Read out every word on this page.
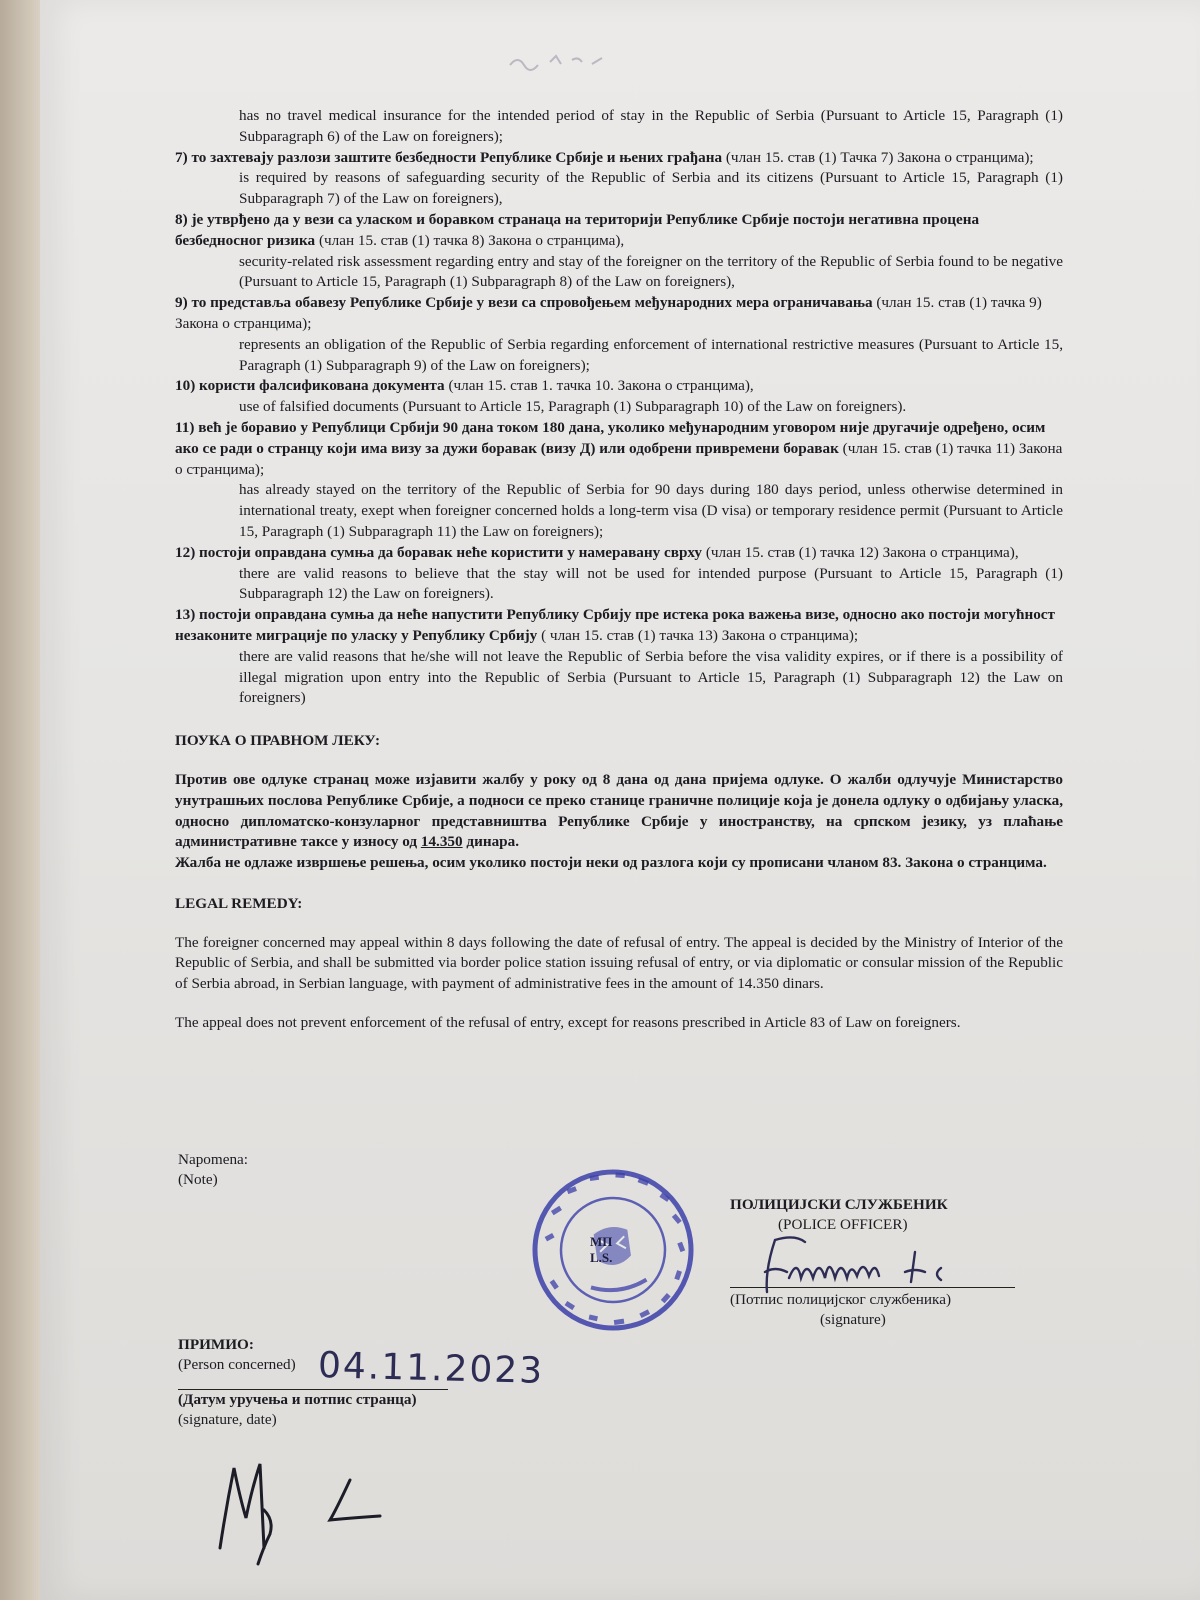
has no travel medical insurance for the intended period of stay in the Republic of Serbia (Pursuant to Article 15, Paragraph (1) Subparagraph 6) of the Law on foreigners);

7) то захтевају разлози заштите безбедности Републике Србије и њених грађана (члан 15. став (1) Тачка 7) Закона о странцима);

is required by reasons of safeguarding security of the Republic of Serbia and its citizens (Pursuant to Article 15, Paragraph (1) Subparagraph 7) of the Law on foreigners),

8) је утврђено да у вези са уласком и боравком странаца на територији Републике Србије постоји негативна процена безбедносног ризика (члан 15. став (1) тачка 8) Закона о странцима),

security-related risk assessment regarding entry and stay of the foreigner on the territory of the Republic of Serbia found to be negative (Pursuant to Article 15, Paragraph (1) Subparagraph 8) of the Law on foreigners),

9) то представља обавезу Републике Србије у вези са спровођењем међународних мера ограничавања (члан 15. став (1) тачка 9) Закона о странцима);

represents an obligation of the Republic of Serbia regarding enforcement of international restrictive measures (Pursuant to Article 15, Paragraph (1) Subparagraph 9) of the Law on foreigners);

10) користи фалсификована документа (члан 15. став 1. тачка 10. Закона о странцима),

use of falsified documents (Pursuant to Article 15, Paragraph (1) Subparagraph 10) of the Law on foreigners).

11) већ је боравио у Републици Србији 90 дана током 180 дана, уколико међународним уговором није другачије одређено, осим ако се ради о странцу који има визу за дужи боравак (визу Д) или одобрени привремени боравак (члан 15. став (1) тачка 11) Закона о странцима);

has already stayed on the territory of the Republic of Serbia for 90 days during 180 days period, unless otherwise determined in international treaty, exept when foreigner concerned holds a long-term visa (D visa) or temporary residence permit (Pursuant to Article 15, Paragraph (1) Subparagraph 11) the Law on foreigners);

12) постоји оправдана сумња да боравак неће користити у намеравану сврху (члан 15. став (1) тачка 12) Закона о странцима),

there are valid reasons to believe that the stay will not be used for intended purpose (Pursuant to Article 15, Paragraph (1) Subparagraph 12) the Law on foreigners).

13) постоји оправдана сумња да неће напустити Републику Србију пре истека рока важења визе, односно ако постоји могућност незаконите миграције по уласку у Републику Србију ( члан 15. став (1) тачка 13) Закона о странцима);

there are valid reasons that he/she will not leave the Republic of Serbia before the visa validity expires, or if there is a possibility of illegal migration upon entry into the Republic of Serbia (Pursuant to Article 15, Paragraph (1) Subparagraph 12) the Law on foreigners)

ПОУКА О ПРАВНОМ ЛЕКУ:

Против ове одлуке странац може изјавити жалбу у року од 8 дана од дана пријема одлуке. О жалби одлучује Министарство унутрашњих послова Републике Србије, а подноси се преко станице граничне полиције која је донела одлуку о одбијању уласка, односно дипломатско-конзуларног представништва Републике Србије у иностранству, на српском језику, уз плаћање административне таксе у износу од 14.350 динара.

Жалба не одлаже извршење решења, осим уколико постоји неки од разлога који су прописани чланом 83. Закона о странцима.

LEGAL REMEDY:

The foreigner concerned may appeal within 8 days following the date of refusal of entry. The appeal is decided by the Ministry of Interior of the Republic of Serbia, and shall be submitted via border police station issuing refusal of entry, or via diplomatic or consular mission of the Republic of Serbia abroad, in Serbian language, with payment of administrative fees in the amount of 14.350 dinars.

The appeal does not prevent enforcement of the refusal of entry, except for reasons prescribed in Article 83 of Law on foreigners.

Napomena:
(Note)
МП
L.S.
ПОЛИЦИЈСКИ СЛУЖБЕНИК
(POLICE OFFICER)
(Потпис полицијског службеника)
(signature)
ПРИМИО:
(Person concerned)
(Датум уручења и потпис странца)
(signature, date)
04.11.2023
